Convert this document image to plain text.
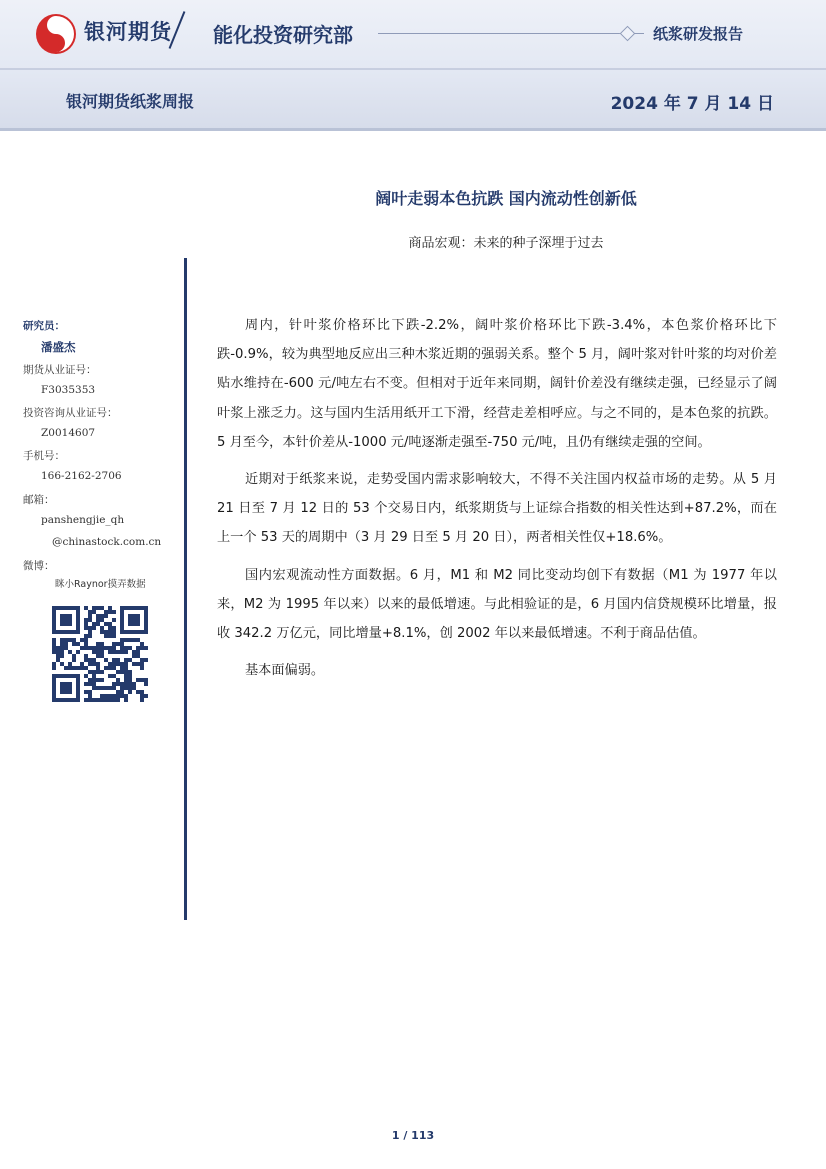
银河期货 能化投资研究部	纸浆研发报告
银河期货纸浆周报	2024 年 7 月 14 日
阔叶走弱本色抗跌 国内流动性创新低
商品宏观：未来的种子深埋于过去
研究员：
潘盛杰
期货从业证号：
F3035353
投资咨询从业证号：
Z0014607
手机号：
166-2162-2706
邮箱：
panshengjie_qh
@chinastock.com.cn
微博：
眯小Raynor摸弄数据

周内，针叶浆价格环比下跌-2.2%，阔叶浆价格环比下跌-3.4%，本色浆价格环比下跌-0.9%，较为典型地反应出三种木浆近期的强弱关系。整个 5 月，阔叶浆对针叶浆的均对价差贴水维持在-600 元/吨左右不变。但相对于近年来同期，阔针价差没有继续走强，已经显示了阔叶浆上涨乏力。这与国内生活用纸开工下滑，经营走差相呼应。与之不同的，是本色浆的抗跌。5 月至今，本针价差从-1000 元/吨逐渐走强至-750 元/吨，且仍有继续走强的空间。

近期对于纸浆来说，走势受国内需求影响较大，不得不关注国内权益市场的走势。从 5 月 21 日至 7 月 12 日的 53 个交易日内，纸浆期货与上证综合指数的相关性达到+87.2%，而在上一个 53 天的周期中（3 月 29 日至 5 月 20 日），两者相关性仅+18.6%。

国内宏观流动性方面数据。6 月，M1 和 M2 同比变动均创下有数据（M1 为 1977 年以来，M2 为 1995 年以来）以来的最低增速。与此相验证的是，6 月国内信贷规模环比增量，报收 342.2 万亿元，同比增量+8.1%，创 2002 年以来最低增速。不利于商品估值。

基本面偏弱。

1 / 113
